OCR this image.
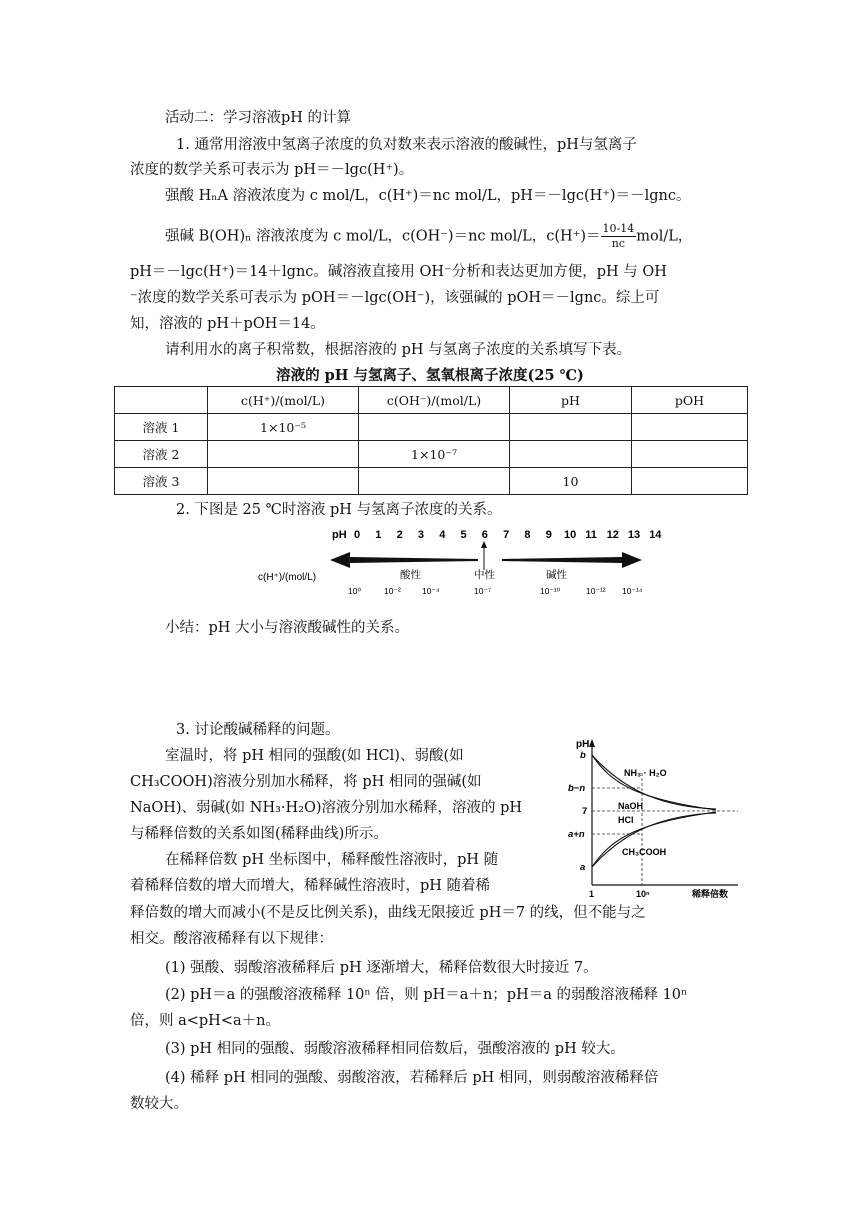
活动二：学习溶液pH 的计算
1. 通常用溶液中氢离子浓度的负对数来表示溶液的酸碱性，pH与氢离子
浓度的数学关系可表示为 pH＝－lgc(H⁺)。
强酸 HₙA 溶液浓度为 c mol/L，c(H⁺)＝nc mol/L，pH＝－lgc(H⁺)＝－lgnc。
强碱 B(OH)ₙ 溶液浓度为 c mol/L，c(OH⁻)＝nc mol/L，$c(H^+)= \frac{10-14}{nc} mol/L$，
pH＝－lgc(H⁺)＝14＋lgnc。碱溶液直接用 OH⁻分析和表达更加方便，pH 与 OH
⁻浓度的数学关系可表示为 pOH＝－lgc(OH⁻)，该强碱的 pOH＝－lgnc。综上可
知，溶液的 pH＋pOH＝14。
请利用水的离子积常数，根据溶液的 pH 与氢离子浓度的关系填写下表。
溶液的 pH 与氢离子、氢氧根离子浓度(25 ℃)
	c(H⁺)/(mol/L)	c(OH⁻)/(mol/L)	pH	pOH
溶液 1	1×10⁻⁵			
溶液 2		1×10⁻⁷		
溶液 3			10	
2. 下图是 25 ℃时溶液 pH 与氢离子浓度的关系。
pH 0 1 2 3 4 5 6 7 8 9 10 11 12 13 14
c(H⁺)/(mol/L)	酸性	中性	碱性
10⁰	10⁻² 10⁻⁴	10⁻⁷	10⁻¹⁰	10⁻¹² 10⁻¹⁴
小结：pH 大小与溶液酸碱性的关系。
3. 讨论酸碱稀释的问题。
室温时，将 pH 相同的强酸(如 HCl)、弱酸(如
CH₃COOH)溶液分别加水稀释，将 pH 相同的强碱(如
NaOH)、弱碱(如 NH₃·H₂O)溶液分别加水稀释，溶液的 pH
与稀释倍数的关系如图(稀释曲线)所示。
在稀释倍数 pH 坐标图中，稀释酸性溶液时，pH 随
着稀释倍数的增大而增大，稀释碱性溶液时，pH 随着稀
释倍数的增大而减小(不是反比例关系)，曲线无限接近 pH＝7 的线，但不能与之
相交。酸溶液稀释有以下规律：
(1) 强酸、弱酸溶液稀释后 pH 逐渐增大，稀释倍数很大时接近 7。
(2) pH＝a 的强酸溶液稀释 10ⁿ 倍，则 pH＝a＋n；pH＝a 的弱酸溶液稀释 10ⁿ
倍，则 a<pH<a＋n。
(3) pH 相同的强酸、弱酸溶液稀释相同倍数后，强酸溶液的 pH 较大。
(4) 稀释 pH 相同的强酸、弱酸溶液，若稀释后 pH 相同，则弱酸溶液稀释倍
数较大。
pH
b
b−n
7
a+n
a
1	10ⁿ	稀释倍数
NH₃ · H₂O
NaOH
HCl
CH₃COOH
